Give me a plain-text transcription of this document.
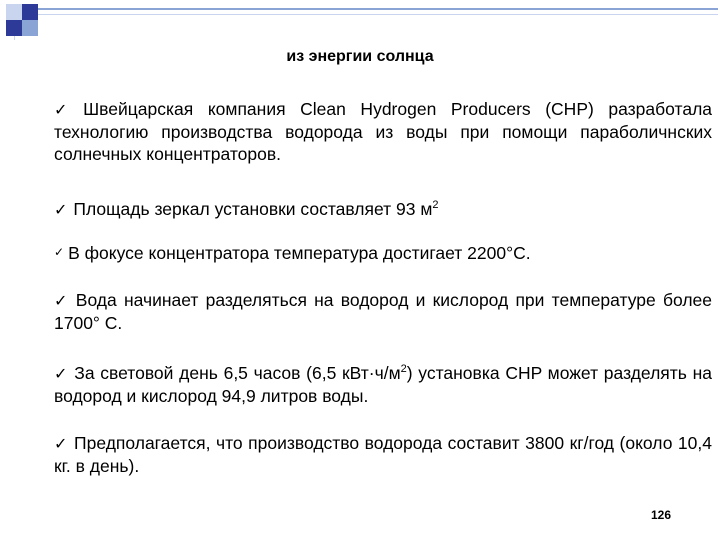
из энергии солнца
✓ Швейцарская компания Clean Hydrogen Producers (CHP) разработала технологию производства водорода из воды при помощи параболичнских солнечных концентраторов.
✓ Площадь зеркал установки составляет 93 $м^2$
✓ В фокусе концентратора температура достигает 2200°С.
✓ Вода начинает разделяться на водород и кислород при температуре более 1700° С.
✓ За световой день 6,5 часов (6,5 $кВт\cdot ч/м^2$) установка CHP может разделять на водород и кислород 94,9 литров воды.
✓ Предполагается, что производство водорода составит 3800 кг/год (около 10,4 кг. в день).
126
